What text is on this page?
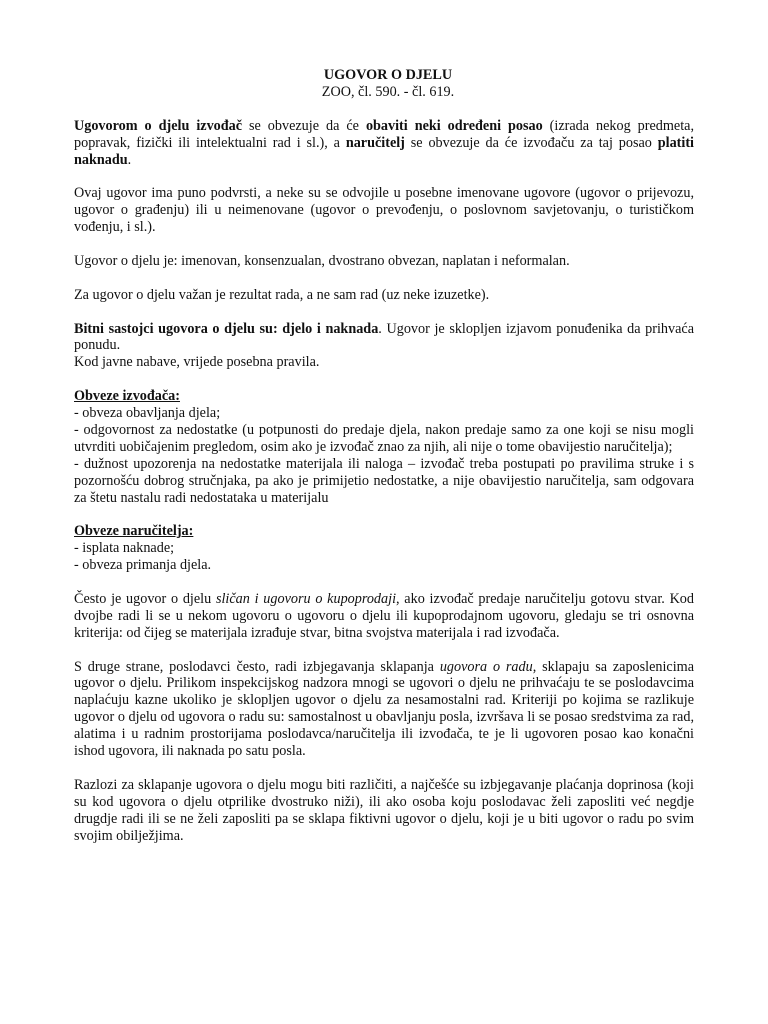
UGOVOR O DJELU
ZOO, čl. 590. - čl. 619.

Ugovorom o djelu izvođač se obvezuje da će obaviti neki određeni posao (izrada nekog predmeta, popravak, fizički ili intelektualni rad i sl.), a naručitelj se obvezuje da će izvođaču za taj posao platiti naknadu.

Ovaj ugovor ima puno podvrsti, a neke su se odvojile u posebne imenovane ugovore (ugovor o prijevozu, ugovor o građenju) ili u neimenovane (ugovor o prevođenju, o poslovnom savjetovanju, o turističkom vođenju, i sl.).

Ugovor o djelu je: imenovan, konsenzualan, dvostrano obvezan, naplatan i neformalan.

Za ugovor o djelu važan je rezultat rada, a ne sam rad (uz neke izuzetke).

Bitni sastojci ugovora o djelu su: djelo i naknada. Ugovor je sklopljen izjavom ponuđenika da prihvaća ponudu.

Kod javne nabave, vrijede posebna pravila.

Obveze izvođača:

- obveza obavljanja djela;

- odgovornost za nedostatke (u potpunosti do predaje djela, nakon predaje samo za one koji se nisu mogli utvrditi uobičajenim pregledom, osim ako je izvođač znao za njih, ali nije o tome obavijestio naručitelja);

- dužnost upozorenja na nedostatke materijala ili naloga – izvođač treba postupati po pravilima struke i s pozornošću dobrog stručnjaka, pa ako je primijetio nedostatke, a nije obavijestio naručitelja, sam odgovara za štetu nastalu radi nedostataka u materijalu

Obveze naručitelja:

- isplata naknade;

- obveza primanja djela.

Često je ugovor o djelu sličan i ugovoru o kupoprodaji, ako izvođač predaje naručitelju gotovu stvar. Kod dvojbe radi li se u nekom ugovoru o ugovoru o djelu ili kupoprodajnom ugovoru, gledaju se tri osnovna kriterija: od čijeg se materijala izrađuje stvar, bitna svojstva materijala i rad izvođača.

S druge strane, poslodavci često, radi izbjegavanja sklapanja ugovora o radu, sklapaju sa zaposlenicima ugovor o djelu. Prilikom inspekcijskog nadzora mnogi se ugovori o djelu ne prihvaćaju te se poslodavcima naplaćuju kazne ukoliko je sklopljen ugovor o djelu za nesamostalni rad. Kriteriji po kojima se razlikuje ugovor o djelu od ugovora o radu su: samostalnost u obavljanju posla, izvršava li se posao sredstvima za rad, alatima i u radnim prostorijama poslodavca/naručitelja ili izvođača, te je li ugovoren posao kao konačni ishod ugovora, ili naknada po satu posla.

Razlozi za sklapanje ugovora o djelu mogu biti različiti, a najčešće su izbjegavanje plaćanja doprinosa (koji su kod ugovora o djelu otprilike dvostruko niži), ili ako osoba koju poslodavac želi zaposliti već negdje drugdje radi ili se ne želi zaposliti pa se sklapa fiktivni ugovor o djelu, koji je u biti ugovor o radu po svim svojim obilježjima.
